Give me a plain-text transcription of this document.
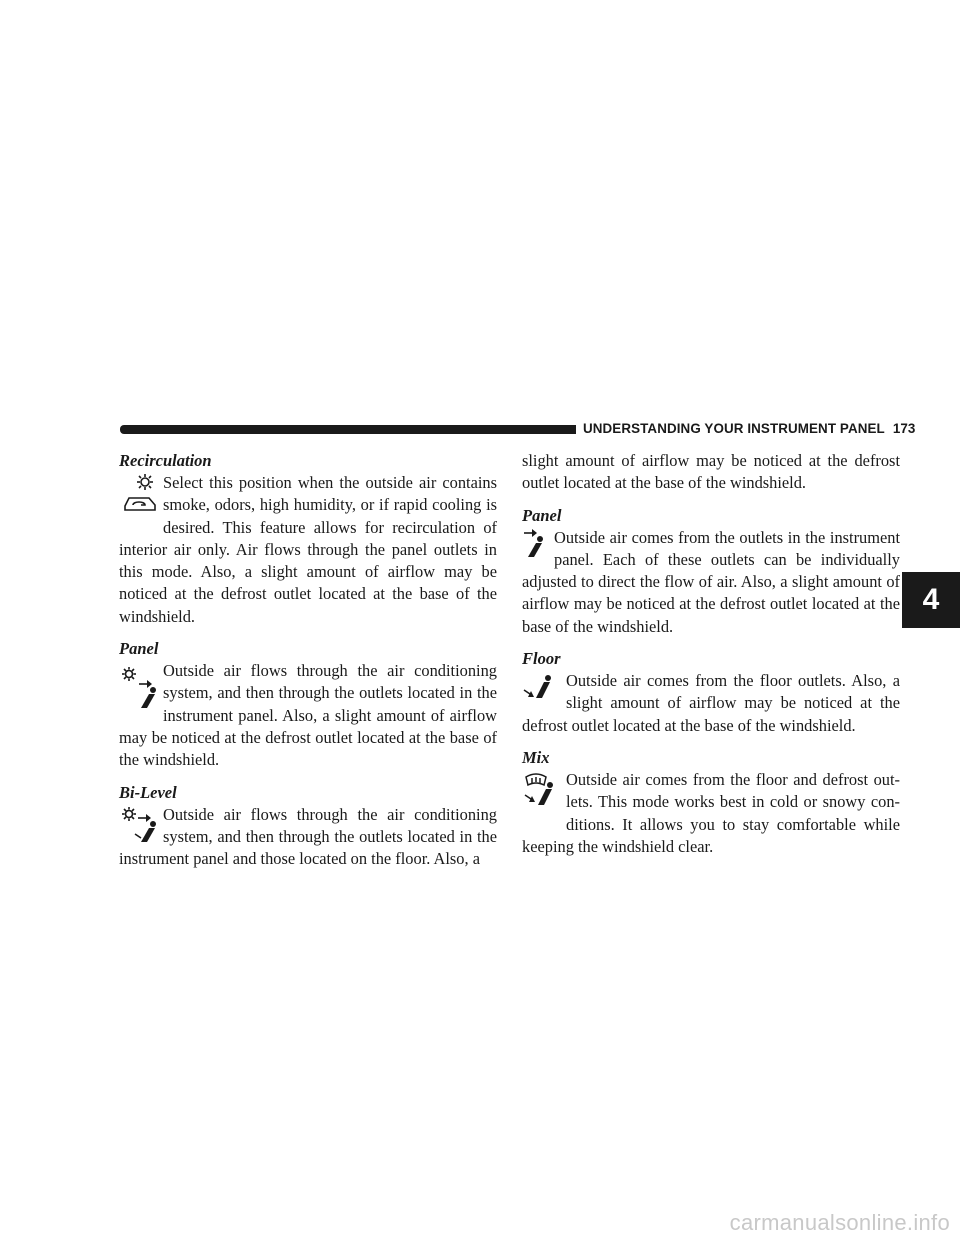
UNDERSTANDING YOUR INSTRUMENT PANEL 173
4
Recirculation

Select this position when the outside air contains smoke, odors, high humidity, or if rapid cooling is desired. This feature allows for recirculation of interior air only. Air flows through the panel outlets in this mode. Also, a slight amount of airflow may be noticed at the defrost outlet located at the base of the windshield.

Panel

Outside air flows through the air conditioning system, and then through the outlets located in the instrument panel. Also, a slight amount of airflow may be noticed at the defrost outlet located at the base of the windshield.

Bi-Level

Outside air flows through the air conditioning system, and then through the outlets located in the instrument panel and those located on the floor. Also, a

slight amount of airflow may be noticed at the defrost outlet located at the base of the windshield.

Panel

Outside air comes from the outlets in the instrument panel. Each of these outlets can be individually adjusted to direct the flow of air. Also, a slight amount of airflow may be noticed at the defrost outlet located at the base of the windshield.

Floor

Outside air comes from the floor outlets. Also, a slight amount of airflow may be noticed at the defrost outlet located at the base of the windshield.

Mix

Outside air comes from the floor and defrost out-lets. This mode works best in cold or snowy con-ditions. It allows you to stay comfortable while keeping the windshield clear.

carmanualsonline.info
